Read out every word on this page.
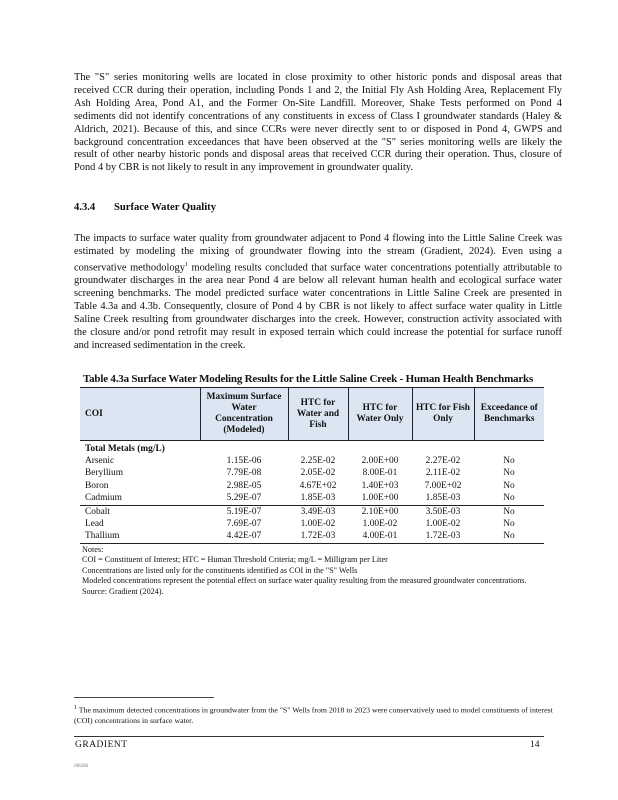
The "S" series monitoring wells are located in close proximity to other historic ponds and disposal areas that received CCR during their operation, including Ponds 1 and 2, the Initial Fly Ash Holding Area, Replacement Fly Ash Holding Area, Pond A1, and the Former On-Site Landfill. Moreover, Shake Tests performed on Pond 4 sediments did not identify concentrations of any constituents in excess of Class I groundwater standards (Haley & Aldrich, 2021). Because of this, and since CCRs were never directly sent to or disposed in Pond 4, GWPS and background concentration exceedances that have been observed at the "S" series monitoring wells are likely the result of other nearby historic ponds and disposal areas that received CCR during their operation. Thus, closure of Pond 4 by CBR is not likely to result in any improvement in groundwater quality.

4.3.4 Surface Water Quality

The impacts to surface water quality from groundwater adjacent to Pond 4 flowing into the Little Saline Creek was estimated by modeling the mixing of groundwater flowing into the stream (Gradient, 2024). Even using a conservative methodology$^1$ modeling results concluded that surface water concentrations potentially attributable to groundwater discharges in the area near Pond 4 are below all relevant human health and ecological surface water screening benchmarks. The model predicted surface water concentrations in Little Saline Creek are presented in Table 4.3a and 4.3b. Consequently, closure of Pond 4 by CBR is not likely to affect surface water quality in Little Saline Creek resulting from groundwater discharges into the creek. However, construction activity associated with the closure and/or pond retrofit may result in exposed terrain which could increase the potential for surface runoff and increased sedimentation in the creek.

Table 4.3a Surface Water Modeling Results for the Little Saline Creek - Human Health Benchmarks

COI	Maximum Surface Water Concentration (Modeled)	HTC for Water and Fish	HTC for Water Only	HTC for Fish Only	Exceedance of Benchmarks
Total Metals (mg/L)					
Arsenic	1.15E-06	2.25E-02	2.00E+00	2.27E-02	No
Beryllium	7.79E-08	2.05E-02	8.00E-01	2.11E-02	No
Boron	2.98E-05	4.67E+02	1.40E+03	7.00E+02	No
Cadmium	5.29E-07	1.85E-03	1.00E+00	1.85E-03	No
Cobalt	5.19E-07	3.49E-03	2.10E+00	3.50E-03	No
Lead	7.69E-07	1.00E-02	1.00E-02	1.00E-02	No
Thallium	4.42E-07	1.72E-03	4.00E-01	1.72E-03	No

Notes:

COI = Constituent of Interest; HTC = Human Threshold Criteria; mg/L = Milligram per Liter

Concentrations are listed only for the constituents identified as COI in the "S" Wells

Modeled concentrations represent the potential effect on surface water quality resulting from the measured groundwater concentrations.

Source: Gradient (2024).

$^1$ The maximum detected concentrations in groundwater from the "S" Wells from 2018 to 2023 were conservatively used to model constituents of interest (COI) concentrations in surface water.

GRADIENT	14
r0828b
